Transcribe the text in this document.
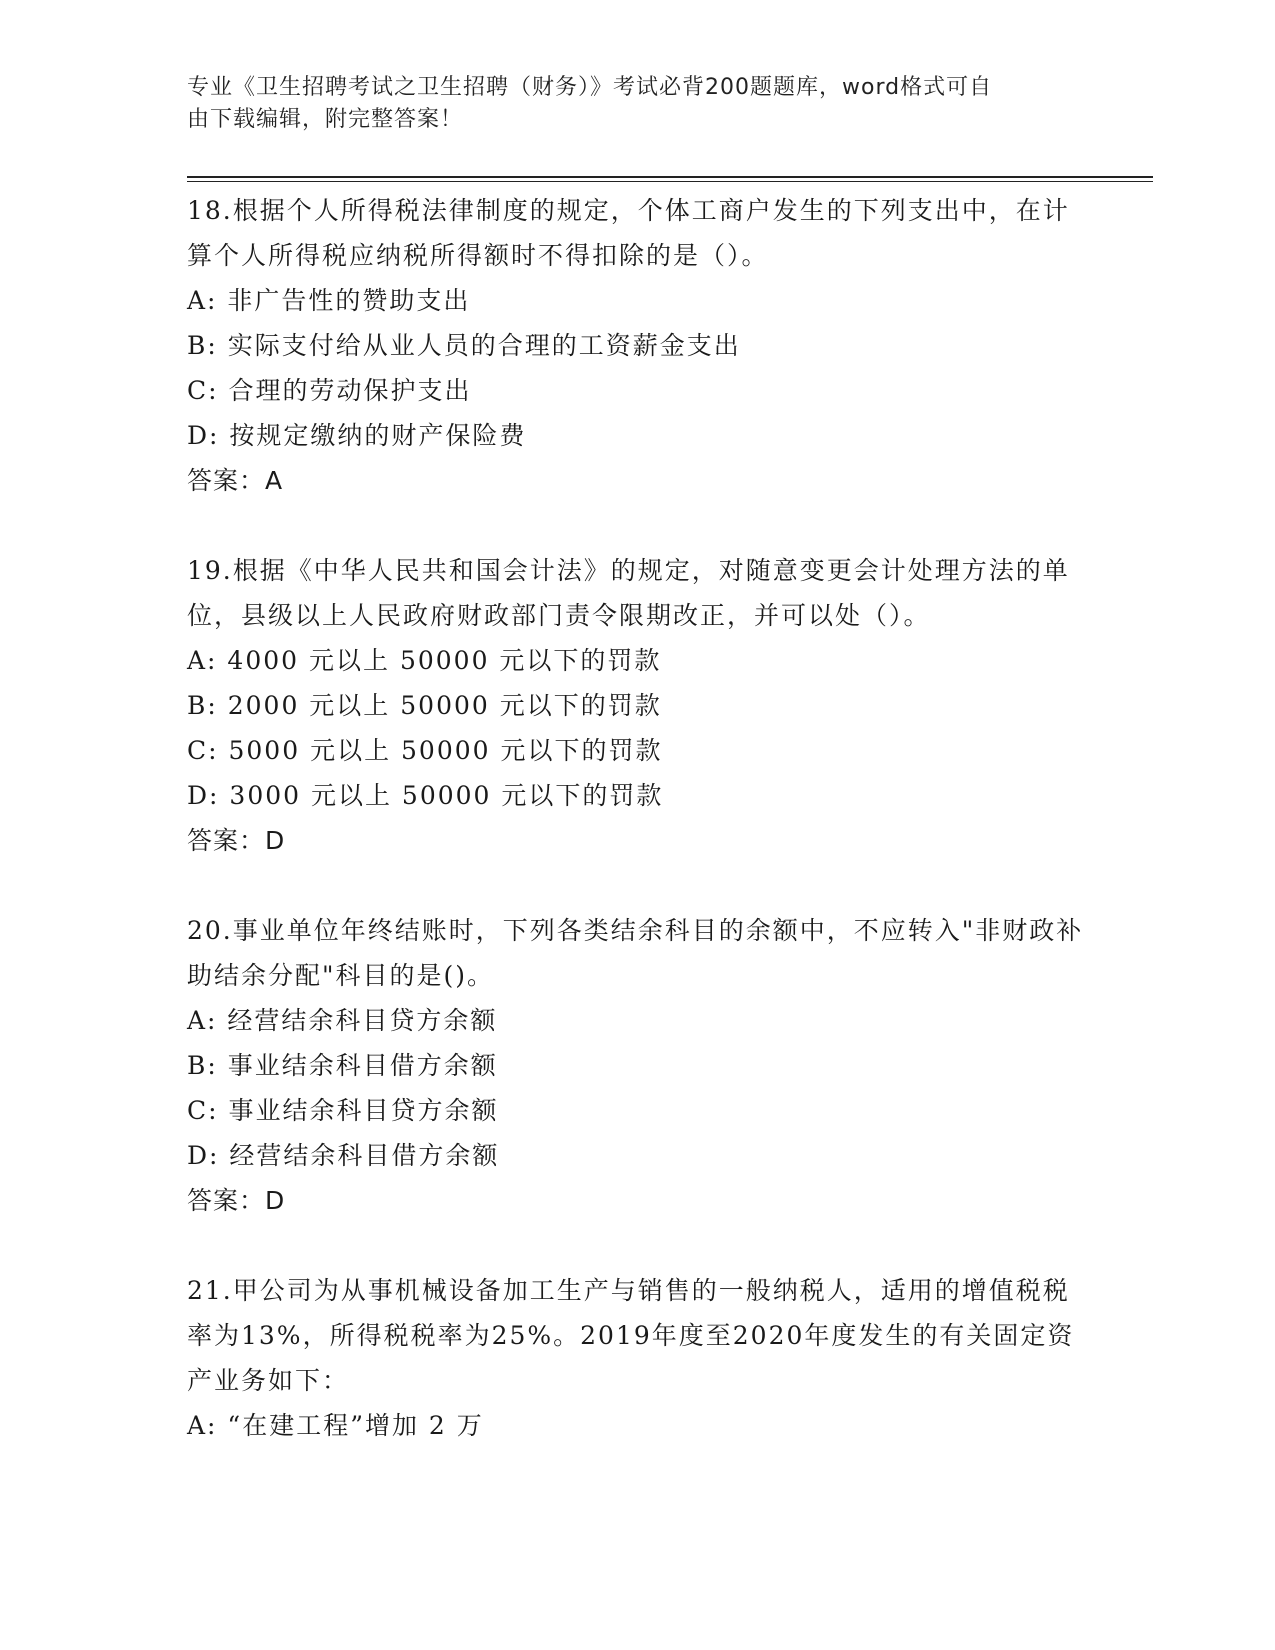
专业《卫生招聘考试之卫生招聘（财务）》考试必背200题题库，word格式可自
由下载编辑，附完整答案！

18.根据个人所得税法律制度的规定，个体工商户发生的下列支出中，在计算个人所得税应纳税所得额时不得扣除的是（）。

A: 非广告性的赞助支出

B: 实际支付给从业人员的合理的工资薪金支出

C: 合理的劳动保护支出

D: 按规定缴纳的财产保险费

答案：A

19.根据《中华人民共和国会计法》的规定，对随意变更会计处理方法的单位，县级以上人民政府财政部门责令限期改正，并可以处（）。

A: 4000 元以上 50000 元以下的罚款

B: 2000 元以上 50000 元以下的罚款

C: 5000 元以上 50000 元以下的罚款

D: 3000 元以上 50000 元以下的罚款

答案：D

20.事业单位年终结账时，下列各类结余科目的余额中，不应转入"非财政补助结余分配"科目的是()。

A: 经营结余科目贷方余额

B: 事业结余科目借方余额

C: 事业结余科目贷方余额

D: 经营结余科目借方余额

答案：D

21.甲公司为从事机械设备加工生产与销售的一般纳税人，适用的增值税税率为13%，所得税税率为25%。2019年度至2020年度发生的有关固定资产业务如下：

A: “在建工程”增加 2 万
